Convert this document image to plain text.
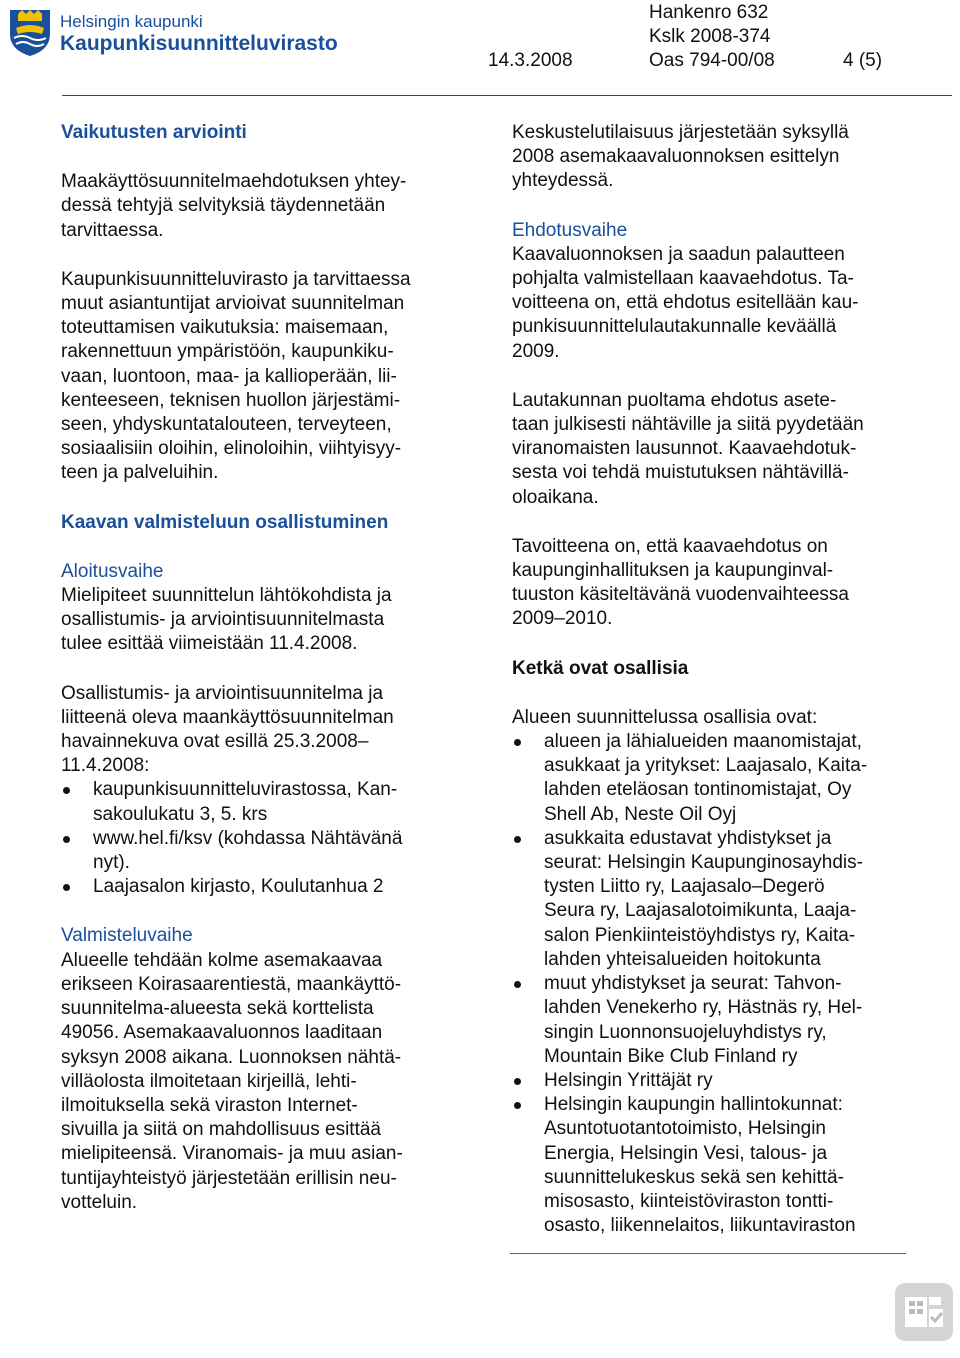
Helsingin kaupunki
Kaupunkisuunnitteluvirasto
Hankenro 632
Kslk 2008-374
14.3.2008	Oas 794-00/08	4 (5)

Vaikutusten arviointi

Maakäyttösuunnitelmaehdotuksen yhtey-
dessä tehtyjä selvityksiä täydennetään
tarvittaessa.

Kaupunkisuunnitteluvirasto ja tarvittaessa
muut asiantuntijat arvioivat suunnitelman
toteuttamisen vaikutuksia: maisemaan,
rakennettuun ympäristöön, kaupunkiku-
vaan, luontoon, maa- ja kallioperään, lii-
kenteeseen, teknisen huollon järjestämi-
seen, yhdyskuntatalouteen, terveyteen,
sosiaalisiin oloihin, elinoloihin, viihtyisyy-
teen ja palveluihin.

Kaavan valmisteluun osallistuminen

Aloitusvaihe

Mielipiteet suunnittelun lähtökohdista ja
osallistumis- ja arviointisuunnitelmasta
tulee esittää viimeistään 11.4.2008.

Osallistumis- ja arviointisuunnitelma ja
liitteenä oleva maankäyttösuunnitelman
havainnekuva ovat esillä 25.3.2008–
11.4.2008:

kaupunkisuunnitteluvirastossa, Kan-
sakoulukatu 3, 5. krs

www.hel.fi/ksv (kohdassa Nähtävänä
nyt).

Laajasalon kirjasto, Koulutanhua 2

Valmisteluvaihe

Alueelle tehdään kolme asemakaavaa
erikseen Koirasaarentiestä, maankäyttö-
suunnitelma-alueesta sekä korttelista
49056. Asemakaavaluonnos laaditaan
syksyn 2008 aikana. Luonnoksen nähtä-
villäolosta ilmoitetaan kirjeillä, lehti-
ilmoituksella sekä viraston Internet-
sivuilla ja siitä on mahdollisuus esittää
mielipiteensä. Viranomais- ja muu asian-
tuntijayhteistyö järjestetään erillisin neu-
votteluin.

Keskustelutilaisuus järjestetään syksyllä
2008 asemakaavaluonnoksen esittelyn
yhteydessä.

Ehdotusvaihe

Kaavaluonnoksen ja saadun palautteen
pohjalta valmistellaan kaavaehdotus. Ta-
voitteena on, että ehdotus esitellään kau-
punkisuunnittelulautakunnalle keväällä
2009.

Lautakunnan puoltama ehdotus asete-
taan julkisesti nähtäville ja siitä pyydetään
viranomaisten lausunnot. Kaavaehdotuk-
sesta voi tehdä muistutuksen nähtävillä-
oloaikana.

Tavoitteena on, että kaavaehdotus on
kaupunginhallituksen ja kaupunginval-
tuuston käsiteltävänä vuodenvaihteessa
2009–2010.

Ketkä ovat osallisia

Alueen suunnittelussa osallisia ovat:

alueen ja lähialueiden maanomistajat,
asukkaat ja yritykset: Laajasalo, Kaita-
lahden eteläosan tontinomistajat, Oy
Shell Ab, Neste Oil Oyj

asukkaita edustavat yhdistykset ja
seurat: Helsingin Kaupunginosayhdis-
tysten Liitto ry, Laajasalo–Degerö
Seura ry, Laajasalotoimikunta, Laaja-
salon Pienkiinteistöyhdistys ry, Kaita-
lahden yhteisalueiden hoitokunta

muut yhdistykset ja seurat: Tahvon-
lahden Venekerho ry, Hästnäs ry, Hel-
singin Luonnonsuojeluyhdistys ry,
Mountain Bike Club Finland ry

Helsingin Yrittäjät ry

Helsingin kaupungin hallintokunnat:
Asuntotuotantotoimisto, Helsingin
Energia, Helsingin Vesi, talous- ja
suunnittelukeskus sekä sen kehittä-
misosasto, kiinteistöviraston tontti-
osasto, liikennelaitos, liikuntaviraston
